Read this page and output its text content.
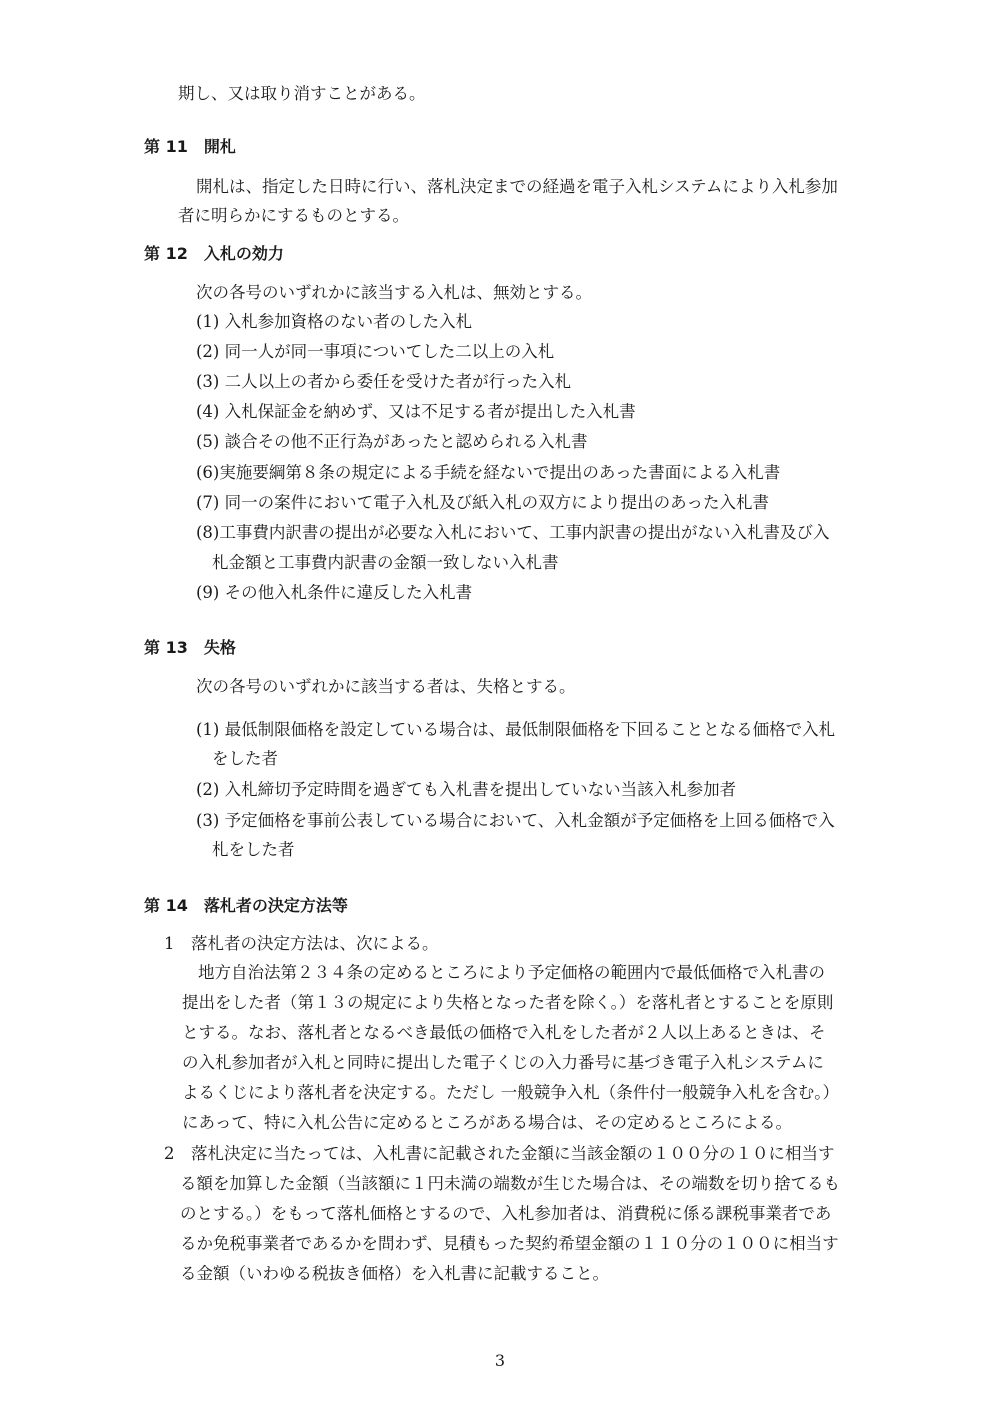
期し、又は取り消すことがある。
第 11　開札
開札は、指定した日時に行い、落札決定までの経過を電子入札システムにより入札参加
者に明らかにするものとする。
第 12　入札の効力
次の各号のいずれかに該当する入札は、無効とする。
(1) 入札参加資格のない者のした入札
(2) 同一人が同一事項についてした二以上の入札
(3) 二人以上の者から委任を受けた者が行った入札
(4) 入札保証金を納めず、又は不足する者が提出した入札書
(5) 談合その他不正行為があったと認められる入札書
(6)実施要綱第８条の規定による手続を経ないで提出のあった書面による入札書
(7) 同一の案件において電子入札及び紙入札の双方により提出のあった入札書
(8)工事費内訳書の提出が必要な入札において、工事内訳書の提出がない入札書及び入
札金額と工事費内訳書の金額一致しない入札書
(9) その他入札条件に違反した入札書
第 13　失格
次の各号のいずれかに該当する者は、失格とする。
(1) 最低制限価格を設定している場合は、最低制限価格を下回ることとなる価格で入札
をした者
(2) 入札締切予定時間を過ぎても入札書を提出していない当該入札参加者
(3) 予定価格を事前公表している場合において、入札金額が予定価格を上回る価格で入
札をした者
第 14　落札者の決定方法等
1　落札者の決定方法は、次による。
地方自治法第２３４条の定めるところにより予定価格の範囲内で最低価格で入札書の
提出をした者（第１３の規定により失格となった者を除く。）を落札者とすることを原則
とする。なお、落札者となるべき最低の価格で入札をした者が２人以上あるときは、そ
の入札参加者が入札と同時に提出した電子くじの入力番号に基づき電子入札システムに
よるくじにより落札者を決定する。ただし 一般競争入札（条件付一般競争入札を含む。）
にあって、特に入札公告に定めるところがある場合は、その定めるところによる。
2　落札決定に当たっては、入札書に記載された金額に当該金額の１００分の１０に相当す
る額を加算した金額（当該額に１円未満の端数が生じた場合は、その端数を切り捨てるも
のとする。）をもって落札価格とするので、入札参加者は、消費税に係る課税事業者であ
るか免税事業者であるかを問わず、見積もった契約希望金額の１１０分の１００に相当す
る金額（いわゆる税抜き価格）を入札書に記載すること。
3
